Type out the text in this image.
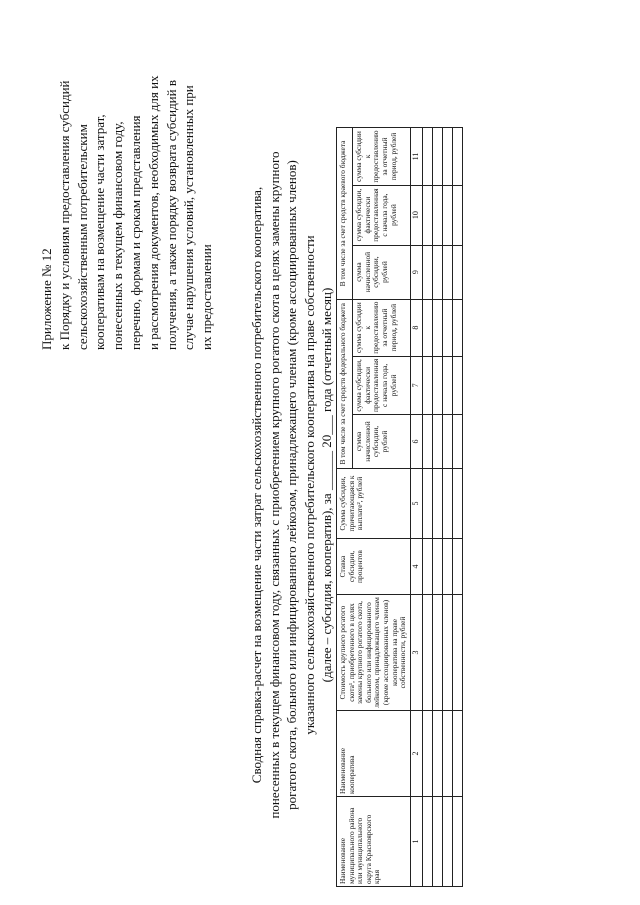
Приложение № 12 к Порядку и условиям предоставления субсидий сельскохозяйственным потребительским кооперативам на возмещение части затрат, понесенных в текущем финансовом году, перечню, формам и срокам представления и рассмотрения документов, необходимых для их получения, а также порядку возврата субсидий в случае нарушения условий, установленных при их предоставлении	Сводная справка-расчет на возмещение части затрат сельскохозяйственного потребительского кооператива, понесенных в текущем финансовом году, связанных с приобретением крупного рогатого скота в целях замены крупного рогатого скота, больного или инфицированного лейкозом, принадлежащего членам (кроме ассоциированных членов) указанного сельскохозяйственного потребительского кооператива на праве собственности (далее – субсидия, кооператив), за ______ 20___ года (отчетный месяц)
Наименование муниципального района или муниципального округа Красноярского края	Наименование кооператива	Стоимость крупного рогатого скота¹, приобретенного в целях замены крупного рогатого скота, больного или инфицированного лейкозом, принадлежащего членам (кроме ассоциированных членов) кооператива на праве собственности, рублей	Ставка субсидии, процентов	Сумма субсидии, причитающаяся к выплате², рублей	В том числе за счет средств федерального бюджета			В том числе за счет средств краевого бюджета		
					сумма начисленной субсидии, рублей	сумма субсидии, фактически предоставленная с начала года, рублей	сумма субсидии к предоставлению за отчетный период, рублей	сумма начисленной субсидии, рублей	сумма субсидии, фактически предоставленная с начала года, рублей	сумма субсидии к предоставлению за отчетный период, рублей
1	2	3	4	5	6	7	8	9	10	11
